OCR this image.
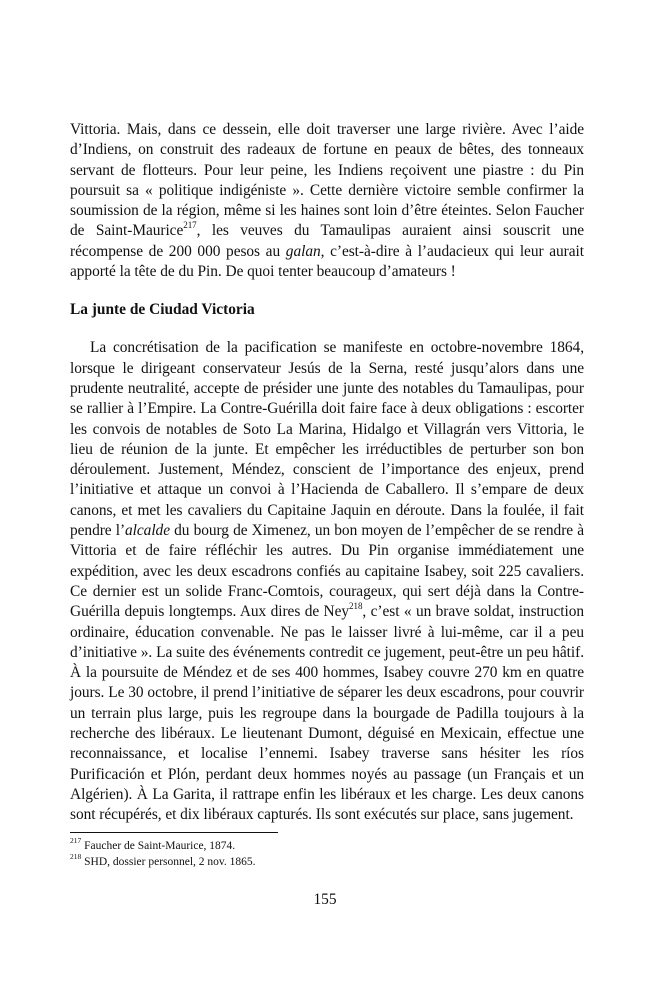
Vittoria. Mais, dans ce dessein, elle doit traverser une large rivière. Avec l’aide d’Indiens, on construit des radeaux de fortune en peaux de bêtes, des tonneaux servant de flotteurs. Pour leur peine, les Indiens reçoivent une piastre : du Pin poursuit sa « politique indigéniste ». Cette dernière victoire semble confirmer la soumission de la région, même si les haines sont loin d’être éteintes. Selon Faucher de Saint-Maurice$^{217}$, les veuves du Tamaulipas auraient ainsi souscrit une récompense de 200 000 pesos au galan, c’est-à-dire à l’audacieux qui leur aurait apporté la tête de du Pin. De quoi tenter beaucoup d’amateurs !

La junte de Ciudad Victoria

La concrétisation de la pacification se manifeste en octobre-novembre 1864, lorsque le dirigeant conservateur Jesús de la Serna, resté jusqu’alors dans une prudente neutralité, accepte de présider une junte des notables du Tamaulipas, pour se rallier à l’Empire. La Contre-Guérilla doit faire face à deux obligations : escorter les convois de notables de Soto La Marina, Hidalgo et Villagrán vers Vittoria, le lieu de réunion de la junte. Et empêcher les irréductibles de perturber son bon déroulement. Justement, Méndez, conscient de l’importance des enjeux, prend l’initiative et attaque un convoi à l’Hacienda de Caballero. Il s’empare de deux canons, et met les cavaliers du Capitaine Jaquin en déroute. Dans la foulée, il fait pendre l’alcalde du bourg de Ximenez, un bon moyen de l’empêcher de se rendre à Vittoria et de faire réfléchir les autres. Du Pin organise immédiatement une expédition, avec les deux escadrons confiés au capitaine Isabey, soit 225 cavaliers. Ce dernier est un solide Franc-Comtois, courageux, qui sert déjà dans la Contre-Guérilla depuis longtemps. Aux dires de Ney$^{218}$, c’est « un brave soldat, instruction ordinaire, éducation convenable. Ne pas le laisser livré à lui-même, car il a peu d’initiative ». La suite des événements contredit ce jugement, peut-être un peu hâtif. À la poursuite de Méndez et de ses 400 hommes, Isabey couvre 270 km en quatre jours. Le 30 octobre, il prend l’initiative de séparer les deux escadrons, pour couvrir un terrain plus large, puis les regroupe dans la bourgade de Padilla toujours à la recherche des libéraux. Le lieutenant Dumont, déguisé en Mexicain, effectue une reconnaissance, et localise l’ennemi. Isabey traverse sans hésiter les ríos Purificación et Plón, perdant deux hommes noyés au passage (un Français et un Algérien). À La Garita, il rattrape enfin les libéraux et les charge. Les deux canons sont récupérés, et dix libéraux capturés. Ils sont exécutés sur place, sans jugement.

$^{217}$ Faucher de Saint-Maurice, 1874.
$^{218}$ SHD, dossier personnel, 2 nov. 1865.
155
